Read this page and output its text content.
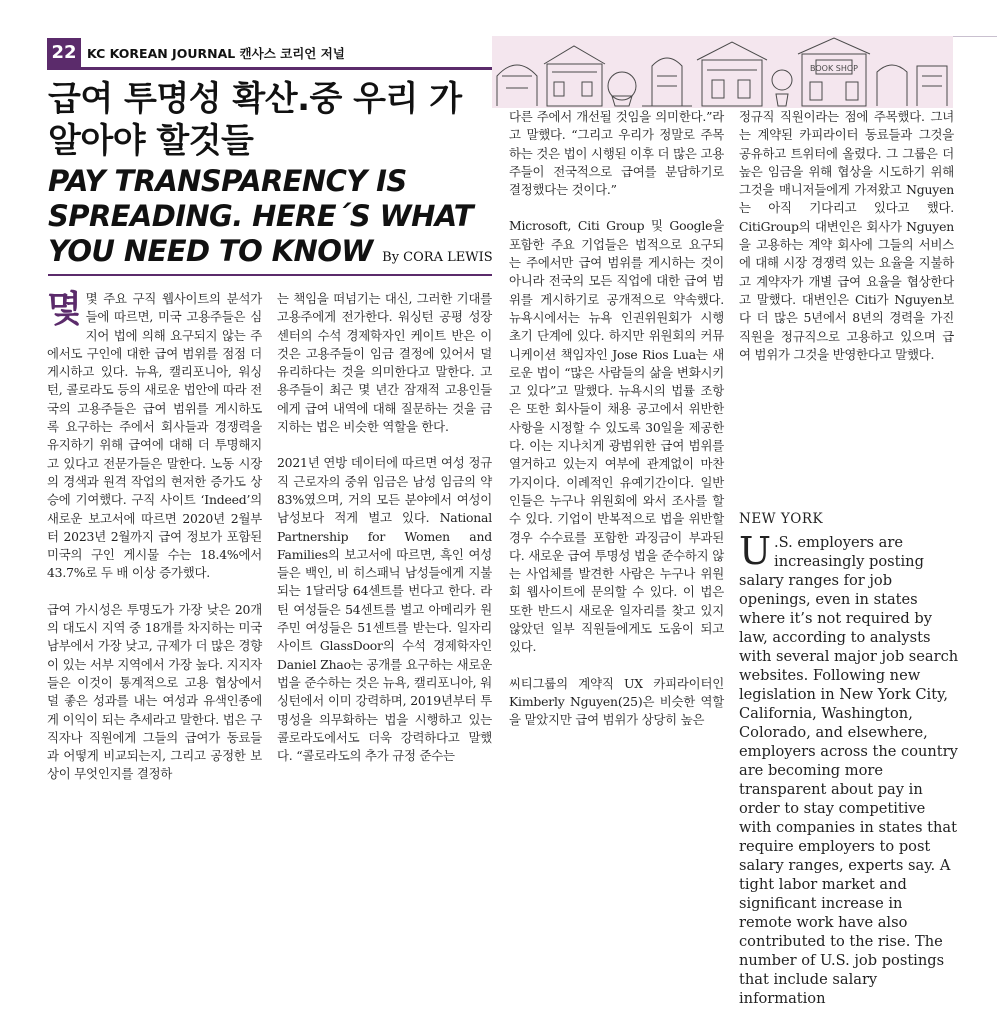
22 KC KOREAN JOURNAL 캔사스 코리언 저널
BOOK SHOP
급여 투명성 확산.중 우리 가 알아야 할것들
PAY TRANSPARENCY IS SPREADING. HERE´S WHAT YOU NEED TO KNOW By CORA LEWIS

몇 몇 주요 구직 웹사이트의 분석가들에 따르면, 미국 고용주들은 심지어 법에 의해 요구되지 않는 주에서도 구인에 대한 급여 범위를 점점 더 게시하고 있다. 뉴욕, 캘리포니아, 워싱턴, 콜로라도 등의 새로운 법안에 따라 전국의 고용주들은 급여 범위를 게시하도록 요구하는 주에서 회사들과 경쟁력을 유지하기 위해 급여에 대해 더 투명해지고 있다고 전문가들은 말한다. 노동 시장의 경색과 원격 작업의 현저한 증가도 상승에 기여했다. 구직 사이트 ‘Indeed’의 새로운 보고서에 따르면 2020년 2월부터 2023년 2월까지 급여 정보가 포함된 미국의 구인 게시물 수는 18.4%에서 43.7%로 두 배 이상 증가했다.

급여 가시성은 투명도가 가장 낮은 20개의 대도시 지역 중 18개를 차지하는 미국 남부에서 가장 낮고, 규제가 더 많은 경향이 있는 서부 지역에서 가장 높다. 지지자들은 이것이 통계적으로 고용 협상에서 덜 좋은 성과를 내는 여성과 유색인종에게 이익이 되는 추세라고 말한다. 법은 구직자나 직원에게 그들의 급여가 동료들과 어떻게 비교되는지, 그리고 공정한 보상이 무엇인지를 결정하

는 책임을 떠넘기는 대신, 그러한 기대를 고용주에게 전가한다. 워싱턴 공평 성장 센터의 수석 경제학자인 케이트 반은 이것은 고용주들이 임금 결정에 있어서 덜 유리하다는 것을 의미한다고 말한다. 고용주들이 최근 몇 년간 잠재적 고용인들에게 급여 내역에 대해 질문하는 것을 금지하는 법은 비슷한 역할을 한다.

2021년 연방 데이터에 따르면 여성 정규직 근로자의 중위 임금은 남성 임금의 약 83%였으며, 거의 모든 분야에서 여성이 남성보다 적게 벌고 있다. National Partnership for Women and Families의 보고서에 따르면, 흑인 여성들은 백인, 비 히스패닉 남성들에게 지불되는 1달러당 64센트를 번다고 한다. 라틴 여성들은 54센트를 벌고 아메리카 원주민 여성들은 51센트를 받는다. 일자리 사이트 GlassDoor의 수석 경제학자인 Daniel Zhao는 공개를 요구하는 새로운 법을 준수하는 것은 뉴욕, 캘리포니아, 워싱턴에서 이미 강력하며, 2019년부터 투명성을 의무화하는 법을 시행하고 있는 콜로라도에서도 더욱 강력하다고 말했다. “콜로라도의 추가 규정 준수는

다른 주에서 개선될 것임을 의미한다.”라고 말했다. “그리고 우리가 정말로 주목하는 것은 법이 시행된 이후 더 많은 고용주들이 전국적으로 급여를 분담하기로 결정했다는 것이다.”

Microsoft, Citi Group 및 Google을 포함한 주요 기업들은 법적으로 요구되는 주에서만 급여 범위를 게시하는 것이 아니라 전국의 모든 직업에 대한 급여 범위를 게시하기로 공개적으로 약속했다. 뉴욕시에서는 뉴욕 인권위원회가 시행 초기 단계에 있다. 하지만 위원회의 커뮤니케이션 책임자인 Jose Rios Lua는 새로운 법이 “많은 사람들의 삶을 변화시키고 있다”고 말했다. 뉴욕시의 법률 조항은 또한 회사들이 채용 공고에서 위반한 사항을 시정할 수 있도록 30일을 제공한다. 이는 지나치게 광범위한 급여 범위를 열거하고 있는지 여부에 관계없이 마찬가지이다. 이례적인 유예기간이다. 일반인들은 누구나 위원회에 와서 조사를 할 수 있다. 기업이 반복적으로 법을 위반할 경우 수수료를 포함한 과징금이 부과된다. 새로운 급여 투명성 법을 준수하지 않는 사업체를 발견한 사람은 누구나 위원회 웹사이트에 문의할 수 있다. 이 법은 또한 반드시 새로운 일자리를 찾고 있지 않았던 일부 직원들에게도 도움이 되고 있다.

씨티그룹의 계약직 UX 카피라이터인 Kimberly Nguyen(25)은 비슷한 역할을 맡았지만 급여 범위가 상당히 높은

정규직 직원이라는 점에 주목했다. 그녀는 계약된 카피라이터 동료들과 그것을 공유하고 트위터에 올렸다. 그 그룹은 더 높은 임금을 위해 협상을 시도하기 위해 그것을 매니저들에게 가져왔고 Nguyen는 아직 기다리고 있다고 했다. CitiGroup의 대변인은 회사가 Nguyen을 고용하는 계약 회사에 그들의 서비스에 대해 시장 경쟁력 있는 요율을 지불하고 계약자가 개별 급여 요율을 협상한다고 말했다. 대변인은 Citi가 Nguyen보다 더 많은 5년에서 8년의 경력을 가진 직원을 정규직으로 고용하고 있으며 급여 범위가 그것을 반영한다고 말했다.

NEW YORK

U .S. employers are increasingly posting salary ranges for job openings, even in states where it’s not required by law, according to analysts with several major job search websites. Following new legislation in New York City, California, Washington, Colorado, and elsewhere, employers across the country are becoming more transparent about pay in order to stay competitive with companies in states that require employers to post salary ranges, experts say. A tight labor market and significant increase in remote work have also contributed to the rise. The number of U.S. job postings that include salary information
